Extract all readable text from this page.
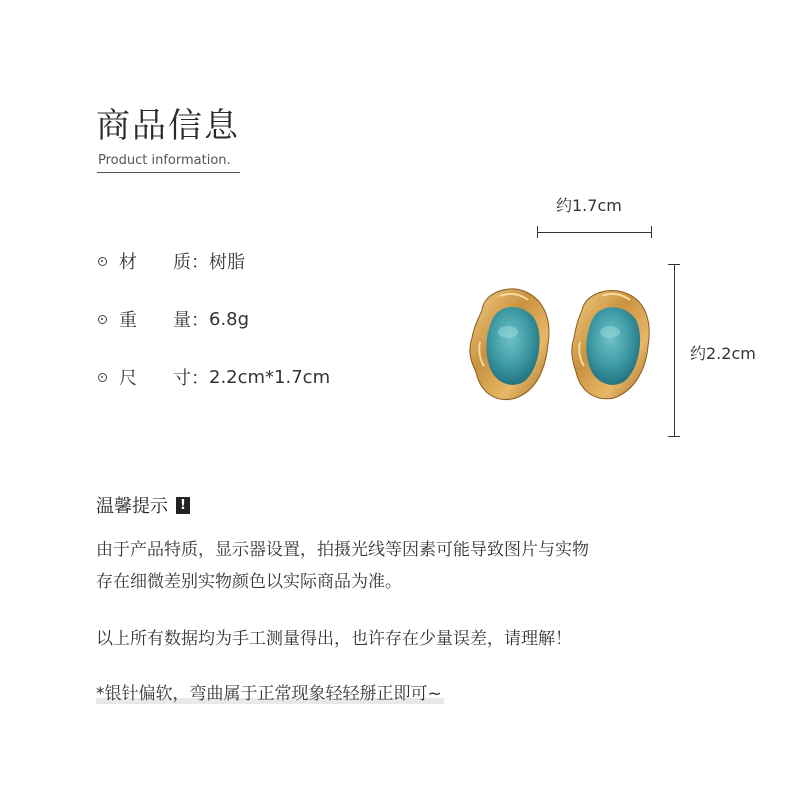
商品信息
Product information.
材	质： 树脂
重	量： 6.8g
尺	寸： 2.2cm*1.7cm
约1.7cm
约2.2cm
温馨提示 !
由于产品特质，显示器设置，拍摄光线等因素可能导致图片与实物
存在细微差别实物颜色以实际商品为准。
以上所有数据均为手工测量得出，也许存在少量误差，请理解！
*银针偏软，弯曲属于正常现象轻轻掰正即可~
